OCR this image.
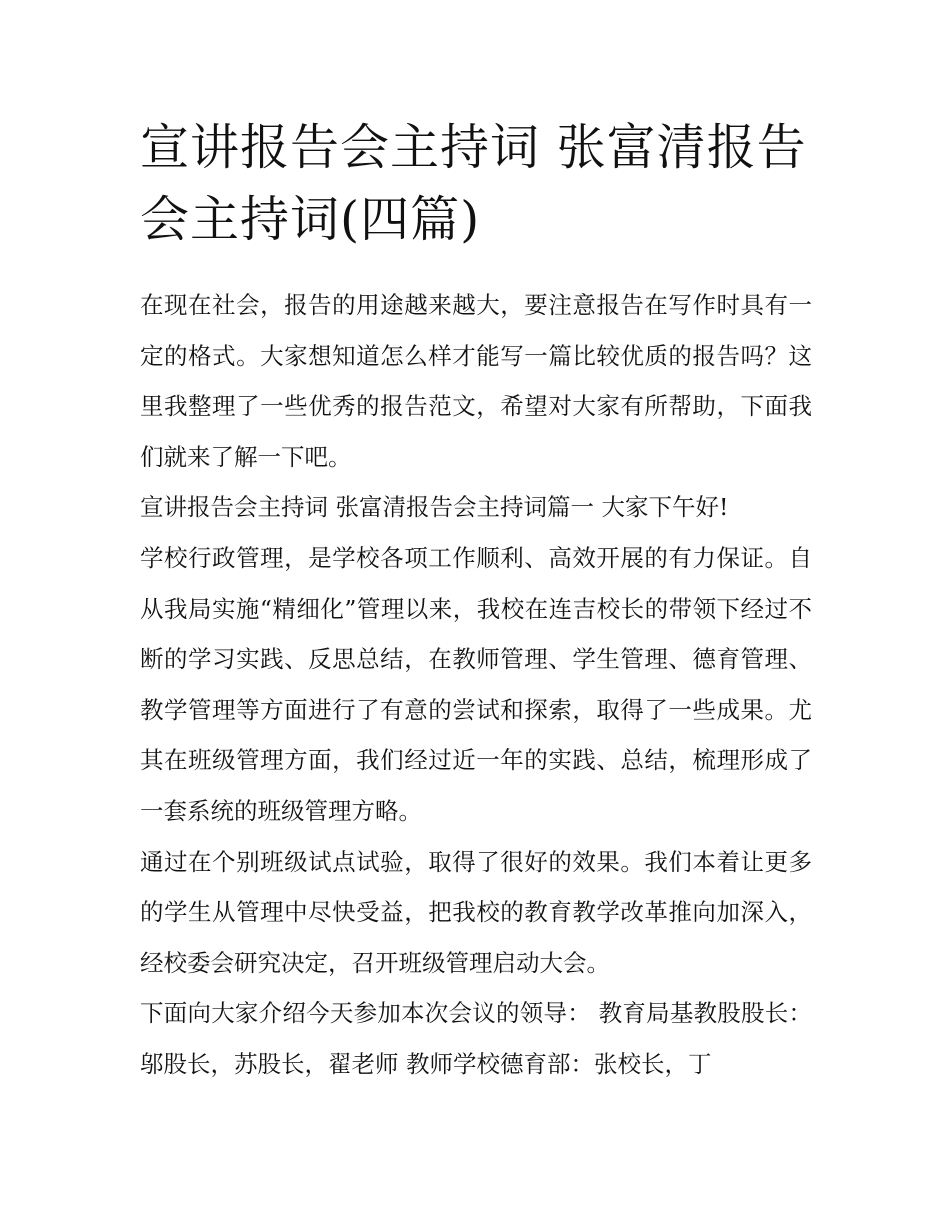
宣讲报告会主持词 张富清报告会主持词(四篇)

在现在社会，报告的用途越来越大，要注意报告在写作时具有一定的格式。大家想知道怎么样才能写一篇比较优质的报告吗？这里我整理了一些优秀的报告范文，希望对大家有所帮助，下面我们就来了解一下吧。

宣讲报告会主持词 张富清报告会主持词篇一 大家下午好!

学校行政管理，是学校各项工作顺利、高效开展的有力保证。自从我局实施“精细化”管理以来，我校在连吉校长的带领下经过不断的学习实践、反思总结，在教师管理、学生管理、德育管理、教学管理等方面进行了有意的尝试和探索，取得了一些成果。尤其在班级管理方面，我们经过近一年的实践、总结，梳理形成了一套系统的班级管理方略。

通过在个别班级试点试验，取得了很好的效果。我们本着让更多的学生从管理中尽快受益，把我校的教育教学改革推向加深入，经校委会研究决定，召开班级管理启动大会。

下面向大家介绍今天参加本次会议的领导： 教育局基教股股长：邬股长，苏股长，翟老师 教师学校德育部：张校长，丁
